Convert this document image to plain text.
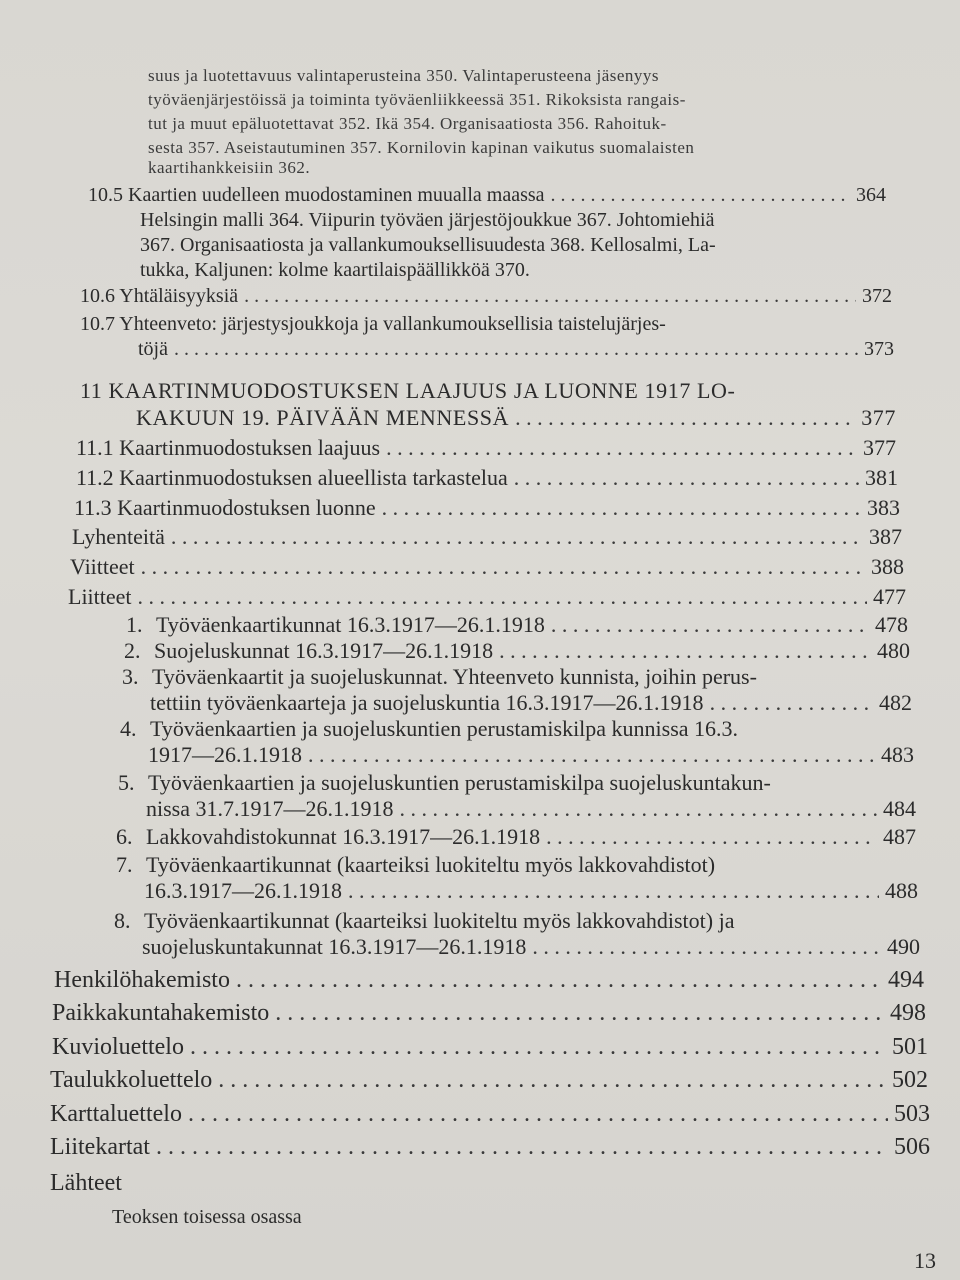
suus ja luotettavuus valintaperusteina 350. Valintaperusteena jäsenyys
työväenjärjestöissä ja toiminta työväenliikkeessä 351. Rikoksista rangais-
tut ja muut epäluotettavat 352. Ikä 354. Organisaatiosta 356. Rahoituk-
sesta 357. Aseistautuminen 357. Kornilovin kapinan vaikutus suomalaisten
kaartihankkeisiin 362.
10.5 Kaartien uudelleen muodostaminen muualla maassa . . .	364
Helsingin malli 364. Viipurin työväen järjestöjoukkue 367. Johtomiehiä
367. Organisaatiosta ja vallankumouksellisuudesta 368. Kellosalmi, La-
tukka, Kaljunen: kolme kaartilaispäällikköä 370.
10.6 Yhtäläisyyksiä . . .	372
10.7 Yhteenveto: järjestysjoukkoja ja vallankumouksellisia taistelujärjes-
töjä . . .	373
11 KAARTINMUODOSTUKSEN LAAJUUS JA LUONNE 1917 LO-
KAKUUN 19. PÄIVÄÄN MENNESSÄ . . .	377
11.1 Kaartinmuodostuksen laajuus . . .	377
11.2 Kaartinmuodostuksen alueellista tarkastelua . . .	381
11.3 Kaartinmuodostuksen luonne . . .	383
Lyhenteitä . . .	387
Viitteet . . .	388
Liitteet . . .	477
1. Työväenkaartikunnat 16.3.1917—26.1.1918 . . .	478
2. Suojeluskunnat 16.3.1917—26.1.1918 . . .	480
3. Työväenkaartit ja suojeluskunnat. Yhteenveto kunnista, joihin perus-
tettiin työväenkaarteja ja suojeluskuntia 16.3.1917—26.1.1918 . . .	482
4. Työväenkaartien ja suojeluskuntien perustamiskilpa kunnissa 16.3.
1917—26.1.1918 . . .	483
5. Työväenkaartien ja suojeluskuntien perustamiskilpa suojeluskuntakun-
nissa 31.7.1917—26.1.1918 . . .	484
6. Lakkovahdistokunnat 16.3.1917—26.1.1918 . . .	487
7. Työväenkaartikunnat (kaarteiksi luokiteltu myös lakkovahdistot)
16.3.1917—26.1.1918 . . .	488
8. Työväenkaartikunnat (kaarteiksi luokiteltu myös lakkovahdistot) ja
suojeluskuntakunnat 16.3.1917—26.1.1918 . . .	490
Henkilöhakemisto . . .	494
Paikkakuntahakemisto . . .	498
Kuvioluettelo . . .	501
Taulukkoluettelo . . .	502
Karttaluettelo . . .	503
Liitekartat . . .	506
Lähteet
Teoksen toisessa osassa
13
